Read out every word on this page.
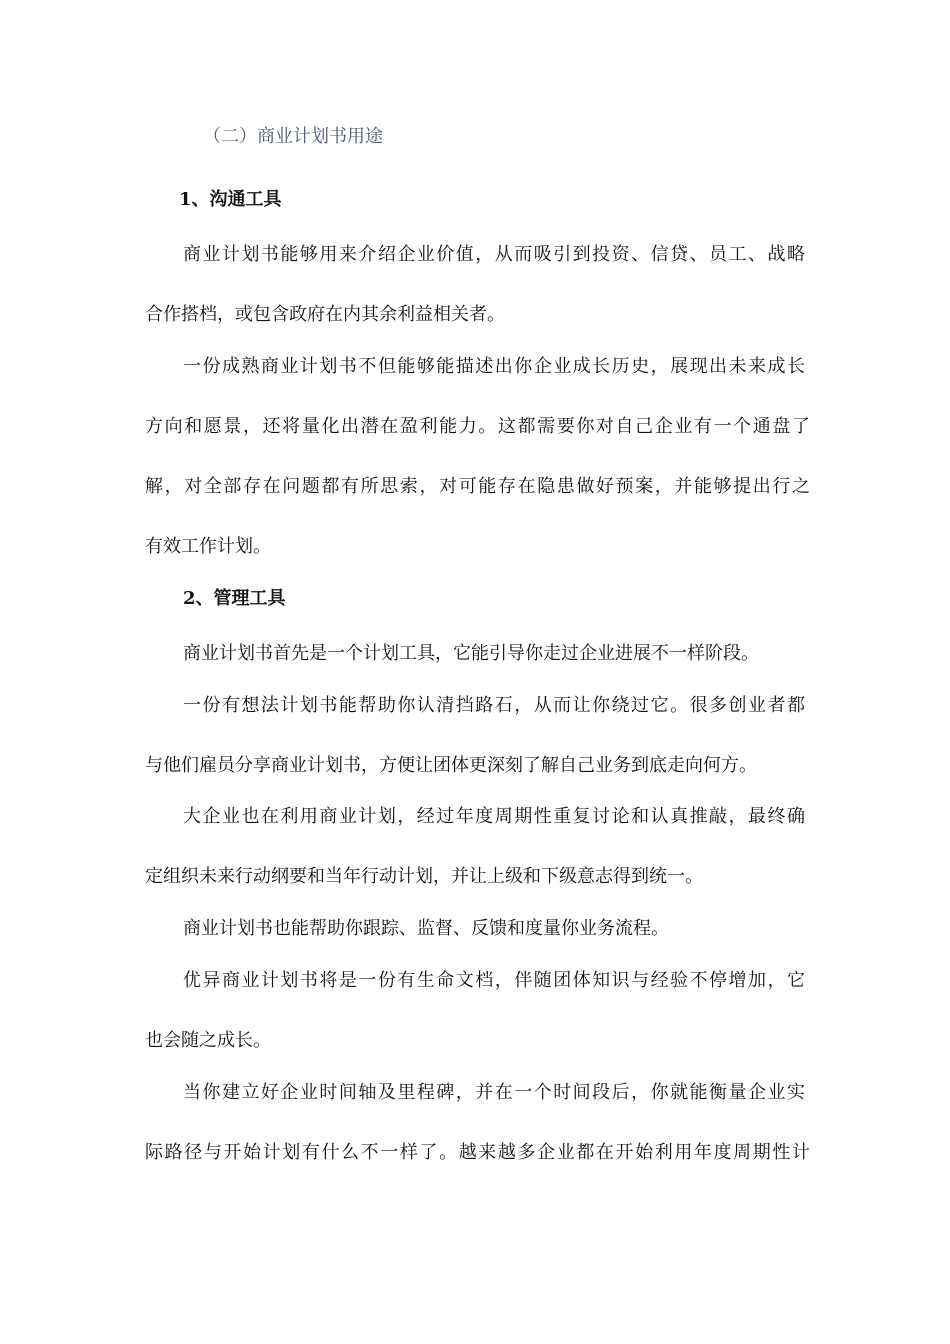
（二）商业计划书用途
1、沟通工具
商业计划书能够用来介绍企业价值，从而吸引到投资、信贷、员工、战略
合作搭档，或包含政府在内其余利益相关者。
一份成熟商业计划书不但能够能描述出你企业成长历史，展现出未来成长
方向和愿景，还将量化出潜在盈利能力。这都需要你对自己企业有一个通盘了
解，对全部存在问题都有所思索，对可能存在隐患做好预案，并能够提出行之
有效工作计划。
2、管理工具
商业计划书首先是一个计划工具，它能引导你走过企业进展不一样阶段。
一份有想法计划书能帮助你认清挡路石，从而让你绕过它。很多创业者都
与他们雇员分享商业计划书，方便让团体更深刻了解自己业务到底走向何方。
大企业也在利用商业计划，经过年度周期性重复讨论和认真推敲，最终确
定组织未来行动纲要和当年行动计划，并让上级和下级意志得到统一。
商业计划书也能帮助你跟踪、监督、反馈和度量你业务流程。
优异商业计划书将是一份有生命文档，伴随团体知识与经验不停增加，它
也会随之成长。
当你建立好企业时间轴及里程碑，并在一个时间段后，你就能衡量企业实
际路径与开始计划有什么不一样了。越来越多企业都在开始利用年度周期性计
